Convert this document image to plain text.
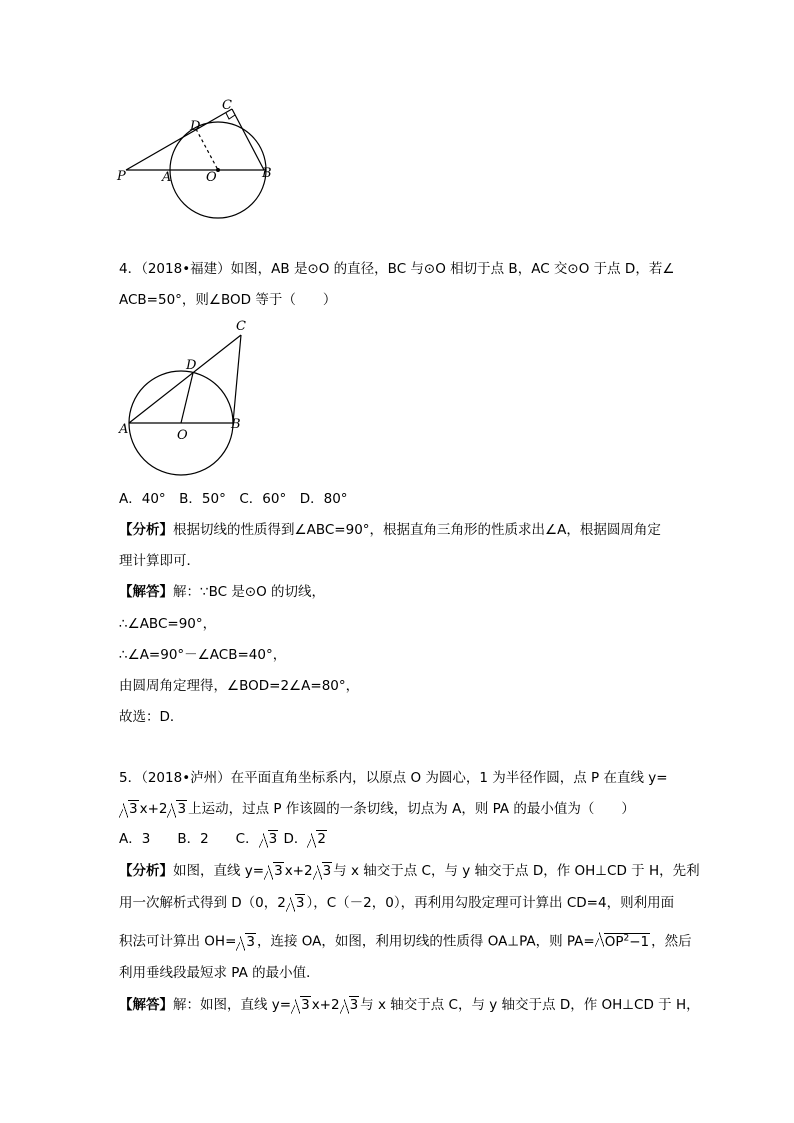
C
D
P	A	O	B
4．（2018•福建）如图，AB 是⊙O 的直径，BC 与⊙O 相切于点 B，AC 交⊙O 于点 D，若∠
ACB=50°，则∠BOD 等于（　　）
C
D
A	O
B
A．40°　B．50°　C．60°　D．80°
【分析】根据切线的性质得到∠ABC=90°，根据直角三角形的性质求出∠A，根据圆周角定
理计算即可．
【解答】解：∵BC 是⊙O 的切线，
∴∠ABC=90°，
∴∠A=90°－∠ACB=40°，
由圆周角定理得，∠BOD=2∠A=80°，
故选：D．
5．（2018•泸州）在平面直角坐标系内，以原点 O 为圆心，1 为半径作圆，点 P 在直线 y=
3 x+2 3 上运动，过点 P 作该圆的一条切线，切点为 A，则 PA 的最小值为（　　）
A．3　　B．2　　C． 3 D． 2
【分析】如图，直线 y= 3 x+2 3 与 x 轴交于点 C，与 y 轴交于点 D，作 OH⊥CD 于 H，先利
用一次解析式得到 D（0，2 3 ），C（－2，0），再利用勾股定理可计算出 CD=4，则利用面
积法可计算出 OH= 3 ，连接 OA，如图，利用切线的性质得 OA⊥PA，则 $PA= OP^2-1$ ，然后
利用垂线段最短求 PA 的最小值．
【解答】解：如图，直线 y= 3 x+2 3 与 x 轴交于点 C，与 y 轴交于点 D，作 OH⊥CD 于 H，
